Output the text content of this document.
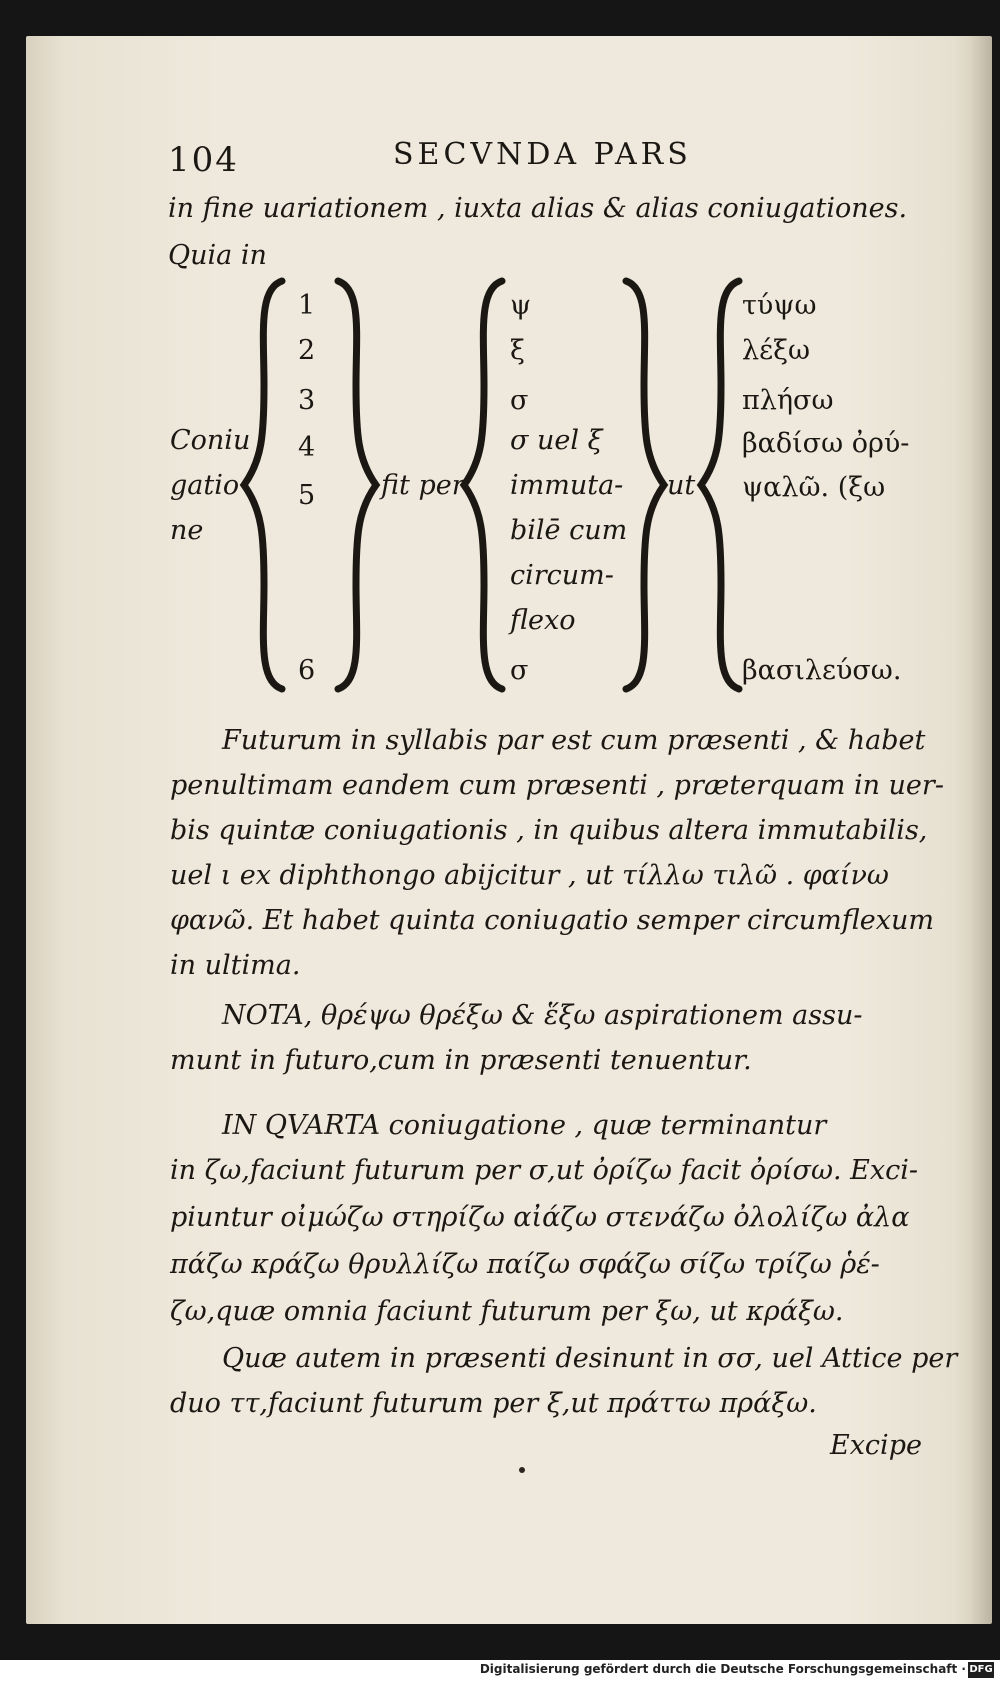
104	SECVNDA PARS
in fine uariationem , iuxta alias & alias coniugationes.
Quia in
Coniu
gatio
ne
1
2
3
4
5
6
fit per
ψ
ξ
σ
σ uel ξ
immuta-
bilē cum
circum-
flexo
σ
ut
τύψω
λέξω
πλήσω
βαδίσω ὀρύ-
ψαλῶ. (ξω
βασιλεύσω.
Futurum in syllabis par est cum præsenti , & habet
penultimam eandem cum præsenti , præterquam in uer-
bis quintæ coniugationis , in quibus altera immutabilis,
uel ι ex diphthongo abijcitur , ut τίλλω τιλῶ . φαίνω
φανῶ. Et habet quinta coniugatio semper circumflexum
in ultima.
NOTA, θρέψω θρέξω & ἕξω aspirationem assu-
munt in futuro,cum in præsenti tenuentur.
IN QVARTA coniugatione , quæ terminantur
in ζω,faciunt futurum per σ,ut ὀρίζω facit ὀρίσω. Exci-
piuntur οἰμώζω στηρίζω αἰάζω στενάζω ὀλολίζω ἀλα
πάζω κράζω θρυλλίζω παίζω σφάζω σίζω τρίζω ῥέ-
ζω,quæ omnia faciunt futurum per ξω, ut κράξω.
Quæ autem in præsenti desinunt in σσ, uel Attice per
duo ττ,faciunt futurum per ξ,ut πράττω πράξω.
Excipe
Digitalisierung gefördert durch die Deutsche Forschungsgemeinschaft · DFG
